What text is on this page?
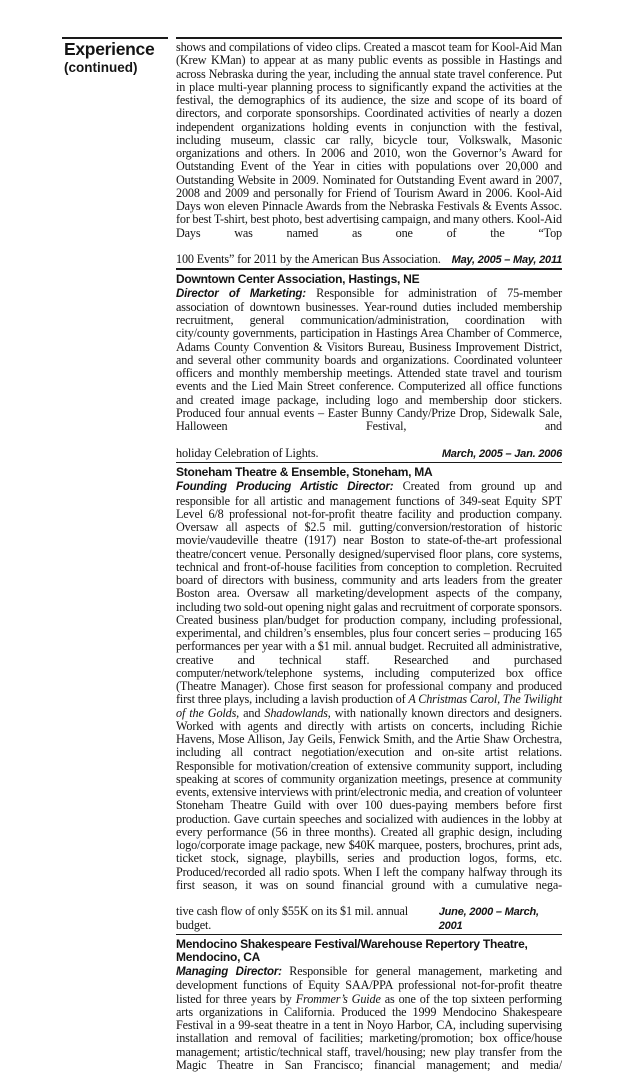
Experience
(continued)

shows and compilations of video clips. Created a mascot team for Kool-Aid Man (Krew KMan) to appear at as many public events as possible in Hastings and across Nebraska during the year, including the annual state travel conference. Put in place multi-year planning process to significantly expand the activities at the festival, the demographics of its audience, the size and scope of its board of directors, and corporate sponsorships. Coordinated activities of nearly a dozen independent organizations holding events in conjunction with the festival, including museum, classic car rally, bicycle tour, Volkswalk, Masonic organizations and others. In 2006 and 2010, won the Governor’s Award for Outstanding Event of the Year in cities with populations over 20,000 and Outstanding Website in 2009. Nominated for Outstanding Event award in 2007, 2008 and 2009 and personally for Friend of Tourism Award in 2006. Kool-Aid Days won eleven Pinnacle Awards from the Nebraska Festivals & Events Assoc. for best T-shirt, best photo, best advertising campaign, and many others. Kool-Aid Days was named as one of the “Top

100 Events” for 2011 by the American Bus Association. May, 2005 – May, 2011
Downtown Center Association, Hastings, NE

Director of Marketing: Responsible for administration of 75-member association of downtown businesses. Year-round duties included membership recruitment, general communication/administration, coordination with city/county governments, participation in Hastings Area Chamber of Commerce, Adams County Convention & Visitors Bureau, Business Improvement District, and several other community boards and organizations. Coordinated volunteer officers and monthly membership meetings. Attended state travel and tourism events and the Lied Main Street conference. Computerized all office functions and created image package, including logo and membership door stickers. Produced four annual events – Easter Bunny Candy/Prize Drop, Sidewalk Sale, Halloween Festival, and

holiday Celebration of Lights.	March, 2005 – Jan. 2006
Stoneham Theatre & Ensemble, Stoneham, MA

Founding Producing Artistic Director: Created from ground up and responsible for all artistic and management functions of 349-seat Equity SPT Level 6/8 professional not-for-profit theatre facility and production company. Oversaw all aspects of $2.5 mil. gutting/conversion/restoration of historic movie/vaudeville theatre (1917) near Boston to state-of-the-art professional theatre/concert venue. Personally designed/supervised floor plans, core systems, technical and front-of-house facilities from conception to completion. Recruited board of directors with business, community and arts leaders from the greater Boston area. Oversaw all marketing/development aspects of the company, including two sold-out opening night galas and recruitment of corporate sponsors. Created business plan/budget for production company, including professional, experimental, and children’s ensembles, plus four concert series – producing 165 performances per year with a $1 mil. annual budget. Recruited all administrative, creative and technical staff. Researched and purchased computer/network/telephone systems, including computerized box office (Theatre Manager). Chose first season for professional company and produced first three plays, including a lavish production of A Christmas Carol, The Twilight of the Golds, and Shadowlands, with nationally known directors and designers. Worked with agents and directly with artists on concerts, including Richie Havens, Mose Allison, Jay Geils, Fenwick Smith, and the Artie Shaw Orchestra, including all contract negotiation/execution and on-site artist relations. Responsible for motivation/creation of extensive community support, including speaking at scores of community organization meetings, presence at community events, extensive interviews with print/electronic media, and creation of volunteer Stoneham Theatre Guild with over 100 dues-paying members before first production. Gave curtain speeches and socialized with audiences in the lobby at every performance (56 in three months). Created all graphic design, including logo/corporate image package, new $40K marquee, posters, brochures, print ads, ticket stock, signage, playbills, series and production logos, forms, etc. Produced/recorded all radio spots. When I left the company halfway through its first season, it was on sound financial ground with a cumulative nega-

tive cash flow of only $55K on its $1 mil. annual budget.
June, 2000 – March, 2001
Mendocino Shakespeare Festival/Warehouse Repertory Theatre, Mendocino, CA

Managing Director: Responsible for general management, marketing and development functions of Equity SAA/PPA professional not-for-profit theatre listed for three years by Frommer’s Guide as one of the top sixteen performing arts organizations in California. Produced the 1999 Mendocino Shakespeare Festival in a 99-seat theatre in a tent in Noyo Harbor, CA, including supervising installation and removal of facilities; marketing/promotion; box office/house management; artistic/technical staff, travel/housing; new play transfer from the Magic Theatre in San Francisco; financial management; and media/
